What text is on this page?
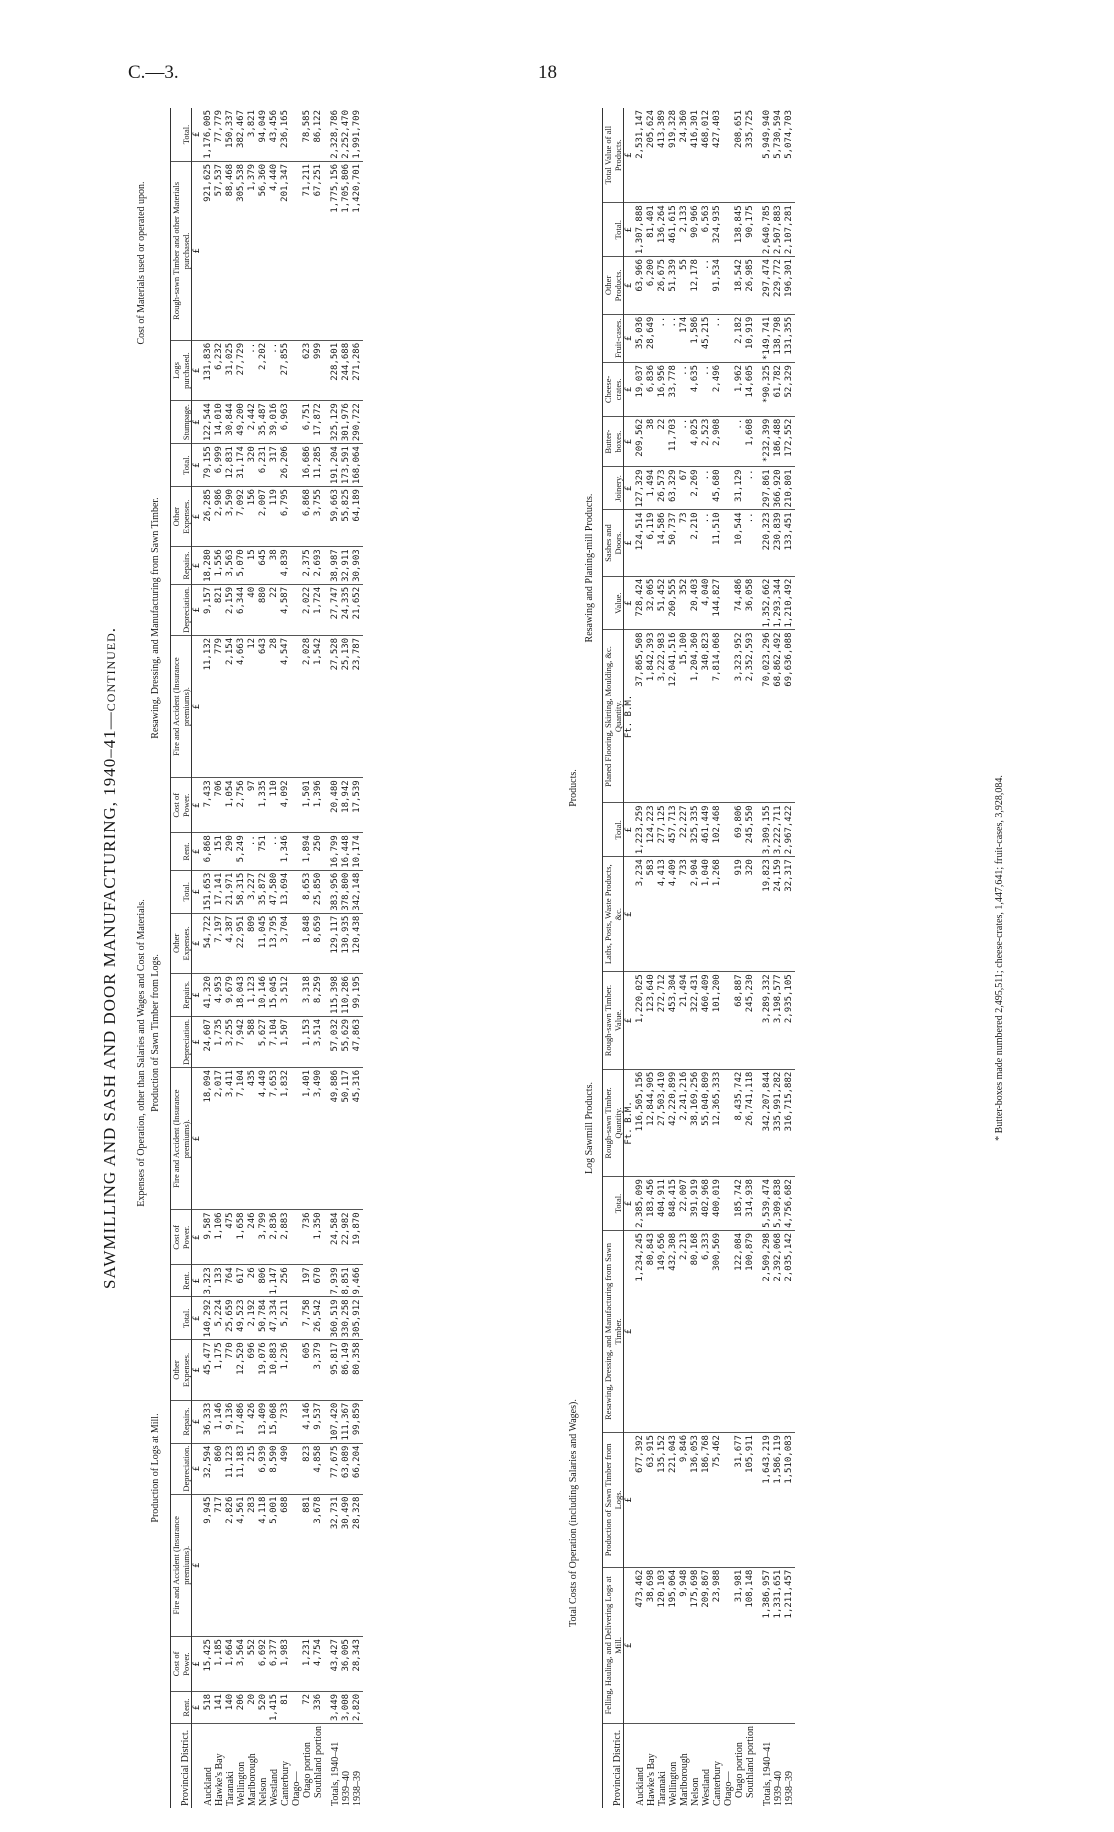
C.—3.	18
SAWMILLING AND SASH AND DOOR MANUFACTURING, 1940–41—continued. Expenses of Operation, other than Salaries and Wages and Cost of Materials.
Cost of Materials used or operated upon.
Production of Logs at Mill.
Production of Sawn Timber from Logs.
Resawing, Dressing, and Manufacturing from Sawn Timber.
Provincial District.	Rent.	Cost of Power.	Fire and Accident (Insurance premiums).	Depreciation.	Repairs.	Other Expenses.	Total.	Rent.	Cost of Power.	Fire and Accident (Insurance premiums).	Depreciation.	Repairs.	Other Expenses.	Total.	Rent.	Cost of Power.	Fire and Accident (Insurance premiums).	Depreciation.	Repairs.	Other Expenses.	Total.	Stumpage.	Logs purchased.	Rough-sawn Timber and other Materials purchased.	Total.
	£	£	£	£	£	£	£	£	£	£	£	£	£	£	£	£	£	£	£	£	£	£	£	£	£
Auckland	518	15,425	9,945	32,594	36,333	45,477	140,292	3,323	9,587	18,094	24,607	41,320	54,722	151,653	6,868	7,433	11,132	9,157	18,280	26,285	79,155	122,544	131,836	921,625	1,176,005
Hawke's Bay	141	1,185	717	860	1,146	1,175	5,224	133	1,106	2,017	1,735	4,953	7,197	17,141	151	706	779	821	1,556	2,986	6,999	14,010	6,232	57,537	77,779
Taranaki	140	1,664	2,826	11,123	9,136	770	25,659	764	475	3,411	3,255	9,679	4,387	21,971	290	1,054	2,154	2,159	3,563	3,590	12,831	30,844	31,025	88,468	150,337
Wellington	206	3,564	4,561	11,183	17,486	12,520	49,523	617	1,658	7,104	7,942	18,043	22,951	58,315	5,249	2,756	4,663	6,344	5,070	7,092	31,174	49,200	27,729	305,538	382,467
Marlborough	20	552	283	215	426	696	2,192	26	246	435	588	1,123	809	3,227	..	97	12	40	15	156	320	2,442	..	1,379	3,821
Nelson	520	6,692	4,118	6,939	13,409	19,076	50,784	806	3,799	4,449	5,627	10,146	11,045	35,872	751	1,335	643	880	645	2,007	6,231	35,487	2,202	56,360	94,049
Westland	1,415	6,377	5,001	8,590	15,068	10,883	47,334	1,147	2,836	7,653	7,104	15,045	13,795	47,580	..	110	28	22	38	119	317	39,016	..	4,440	43,456
Canterbury	81	1,983	688	490	733	1,236	5,211	256	2,883	1,832	1,507	3,512	3,704	13,694	1,346	4,092	4,547	4,587	4,839	6,795	26,206	6,963	27,855	201,347	236,165
Otago—																									
Otago portion	72	1,231	881	823	4,146	605	7,758	197	736	1,401	1,153	3,318	1,848	8,653	1,894	1,501	2,028	2,022	2,375	6,868	16,686	6,751	623	71,211	78,585
Southland portion	336	4,754	3,678	4,858	9,537	3,379	26,542	670	1,350	3,490	3,514	8,259	8,659	25,850	250	1,396	1,542	1,724	2,693	3,755	11,285	17,872	999	67,251	86,122

Totals, 1940–41	3,449	43,427	32,731	77,675	107,420	95,817	360,519	7,939	24,584	49,886	57,032	115,398	129,117	383,956	16,799	20,480	27,528	27,747	38,987	59,663	191,204	325,129	228,501	1,775,156	2,328,786
1939–40	3,008	36,005	30,490	63,089	111,367	86,149	330,258	8,851	22,982	50,117	55,629	110,286	130,935	378,800	16,448	18,942	25,130	24,335	32,911	55,825	173,591	301,976	244,688	1,705,806	2,252,470
1938–39	2,820	28,343	28,328	66,204	99,859	80,358	305,912	9,466	19,870	45,316	47,863	99,195	120,438	342,148	10,174	17,539	23,787	21,652	30,903	64,189	168,064	290,722	271,286	1,420,701	1,991,709
Total Costs of Operation (including Salaries and Wages).
Products.
Log Sawmill Products.
Resawing and Planing-mill Products.
Provincial District.	Felling, Hauling, and Delivering Logs at Mill.	Production of Sawn Timber from Logs.	Resawing, Dressing, and Manufacturing from Sawn Timber.	Total.	Rough-sawn Timber. Quantity.	Rough-sawn Timber. Value.	Laths, Posts, Waste Products, &c.	Total.	Planed Flooring, Skirting, Moulding, &c. Quantity.	Value.	Sashes and Doors.	Joinery.	Butter-boxes.	Cheese-crates.	Fruit-cases.	Other Products.	Total.	Total Value of all Products.
	£	£	£	£	Ft. B.M.	£	£	£	Ft. B.M.	£	£	£	£	£	£	£	£	£
Auckland	473,462	677,392	1,234,245	2,385,099	116,505,156	1,220,025	3,234	1,223,259	37,865,508	728,424	124,514	127,329	209,562	19,037	35,036	63,966	1,307,888	2,531,147
Hawke's Bay	38,698	63,915	80,843	183,456	12,844,905	123,640	583	124,223	1,842,393	32,065	6,119	1,494	38	6,836	28,649	6,200	81,401	205,624
Taranaki	120,103	135,152	149,656	404,911	27,503,410	272,712	4,413	277,125	3,222,983	51,452	14,586	26,573	22	16,956	..	26,675	136,264	413,389
Wellington	195,064	221,043	432,308	848,415	42,220,899	453,304	4,409	457,713	12,041,516	260,555	50,737	63,329	11,703	33,778	..	51,339	461,615	919,328
Marlborough	9,948	9,846	2,213	22,007	2,241,216	21,494	733	22,227	15,100	352	73	67	..	..	174	55	2,133	24,360
Nelson	175,698	136,053	80,168	391,919	38,169,256	322,431	2,904	325,335	1,204,360	20,403	2,210	2,269	4,025	4,635	1,586	12,178	90,966	416,301
Westland	209,867	186,768	6,333	402,968	55,040,809	460,409	1,040	461,449	340,823	4,040	..	..	2,523	..	45,215	..	6,563	468,012
Canterbury	23,988	75,462	300,569	400,019	12,365,333	101,200	1,268	102,468	7,814,068	144,827	11,510	45,680	2,908	2,496	..	91,534	324,935	427,403
Otago—																		
Otago portion	31,981	31,677	122,084	185,742	8,435,742	68,887	919	69,806	3,323,952	74,486	10,544	31,129	..	1,962	2,182	18,542	138,845	208,651
Southland portion	108,148	105,911	100,879	314,938	26,741,118	245,230	320	245,550	2,352,593	36,058	..	..	1,608	14,605	10,919	26,985	90,175	335,725

Totals, 1940–41	1,386,957	1,643,219	2,509,298	5,539,474	342,207,844	3,289,332	19,823	3,309,155	70,023,296	1,352,662	220,323	297,861	*232,399	*90,325	*149,741	297,474	2,640,785	5,949,940
1939–40	1,331,651	1,586,119	2,392,068	5,309,838	335,991,282	3,198,577	24,159	3,222,711	68,862,492	1,293,344	230,839	366,920	186,488	61,782	138,798	229,772	2,507,883	5,730,594
1938–39	1,211,457	1,510,083	2,035,142	4,756,682	316,715,882	2,935,105	32,317	2,967,422	69,636,088	1,210,492	133,451	210,801	172,552	52,329	131,355	196,301	2,107,281	5,074,703
* Butter-boxes made numbered 2,495,511; cheese-crates, 1,447,641; fruit-cases, 3,928,084.
